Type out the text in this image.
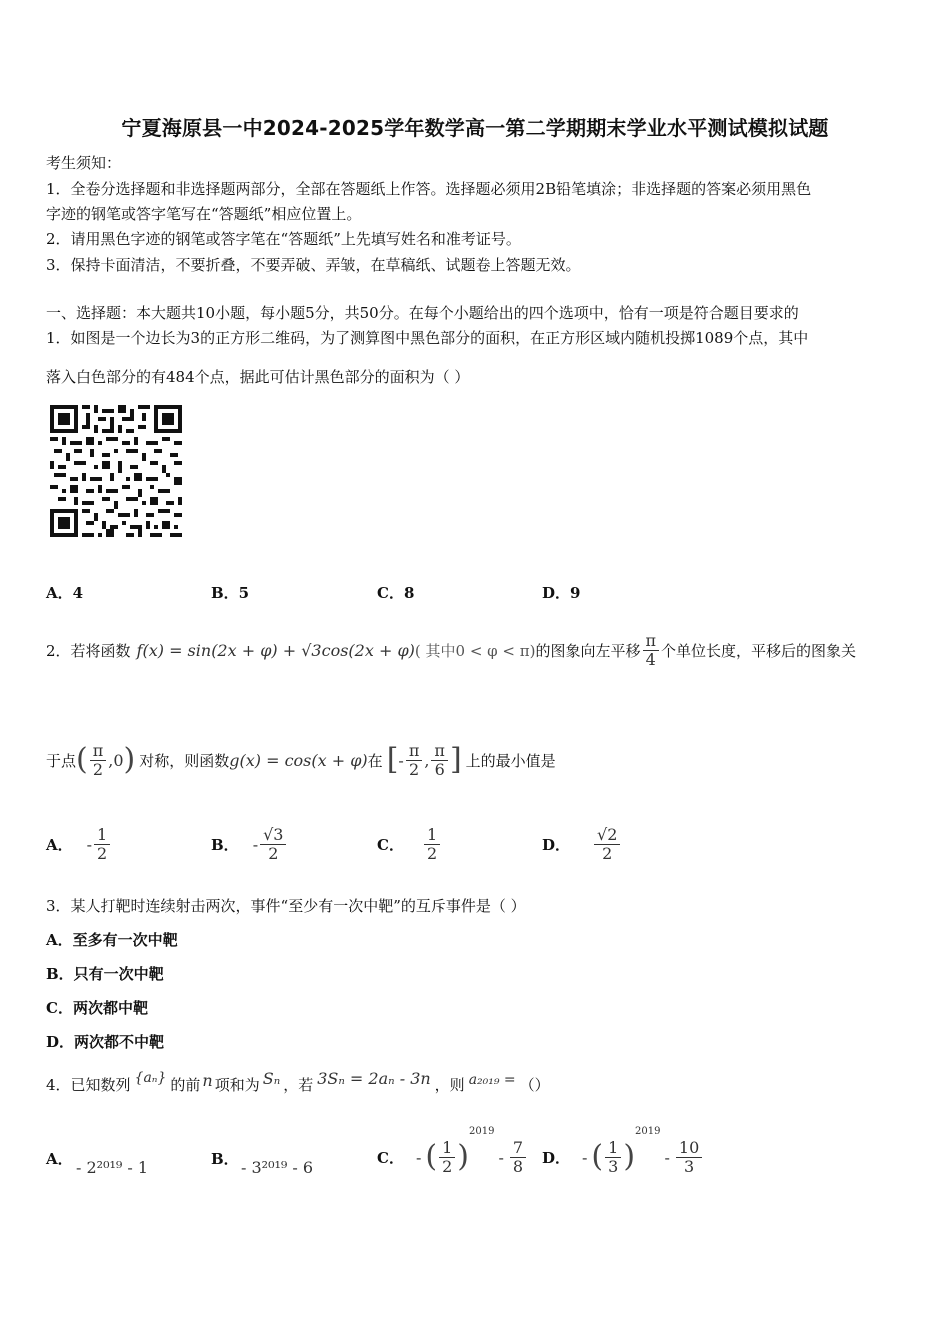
宁夏海原县一中2024-2025学年数学高一第二学期期末学业水平测试模拟试题
考生须知：
1．全卷分选择题和非选择题两部分，全部在答题纸上作答。选择题必须用2B铅笔填涂；非选择题的答案必须用黑色
字迹的钢笔或答字笔写在“答题纸”相应位置上。
2．请用黑色字迹的钢笔或答字笔在“答题纸”上先填写姓名和准考证号。
3．保持卡面清洁，不要折叠，不要弄破、弄皱，在草稿纸、试题卷上答题无效。
一、选择题：本大题共10小题，每小题5分，共50分。在每个小题给出的四个选项中，恰有一项是符合题目要求的
1．如图是一个边长为3的正方形二维码，为了测算图中黑色部分的面积，在正方形区域内随机投掷1089个点，其中
落入白色部分的有484个点，据此可估计黑色部分的面积为（ ）
A．4	B．5	C．8	D．9
2．若将函数 f(x) = sin(2x + φ) + √3cos(2x + φ) ( 其中0 < φ < π) 的图象向左平移 $\frac{\pi}{4}$ 个单位长度，平移后的图象关
于点 ( $\frac{\pi}{2} ,0$ ) 对称，则函数 g(x) = cos(x + φ) 在 [ - $\frac{\pi}{2}$ , $\frac{\pi}{6}$ ] 上的最小值是
A． - $\frac{1}{2}$	B． - $\frac{√3}{2}$	C． $\frac{1}{2}$	D． $\frac{√2}{2}$
3．某人打靶时连续射击两次，事件“至少有一次中靶”的互斥事件是（ ）
A．至多有一次中靶
B．只有一次中靶
C．两次都中靶
D．两次都不中靶
4．已知数列 {aₙ} 的前 n 项和为 Sₙ ，若 3Sₙ = 2aₙ - 3n ，则 a₂₀₁₉ = （）
A． - 2²⁰¹⁹ - 1	B． - 3²⁰¹⁹ - 6
C． - ( $\frac{1}{2}$ )
2019
- $\frac{7}{8}$ D． - ( $\frac{1}{3}$ )
2019
- $\frac{10}{3}$
